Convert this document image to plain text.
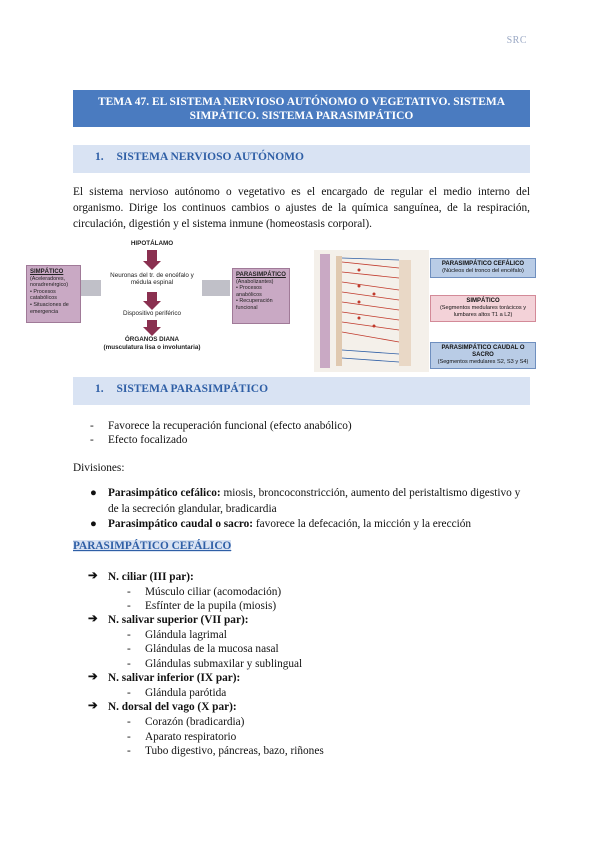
SRC
TEMA 47. EL SISTEMA NERVIOSO AUTÓNOMO O VEGETATIVO. SISTEMA SIMPÁTICO. SISTEMA PARASIMPÁTICO
1. SISTEMA NERVIOSO AUTÓNOMO
El sistema nervioso autónomo o vegetativo es el encargado de regular el medio interno del organismo. Dirige los continuos cambios o ajustes de la química sanguínea, de la respiración, circulación, digestión y el sistema inmune (homeostasis corporal).
HIPOTÁLAMO
Neuronas del tr. de encéfalo y médula espinal
Dispositivo periférico
ÓRGANOS DIANA
(musculatura lisa o involuntaria)
SIMPÁTICO
(Aceleradores, noradrenérgico)
• Procesos catabólicos
• Situaciones de emergencia
PARASIMPÁTICO
(Anabolizantes)
• Procesos anabólicos
• Recuperación funcional
PARASIMPÁTICO CEFÁLICO
(Núcleos del tronco del encéfalo)
SIMPÁTICO
(Segmentos medulares torácicos y lumbares altos T1 a L2)
PARASIMPÁTICO CAUDAL O SACRO
(Segmentos medulares S2, S3 y S4)
1. SISTEMA PARASIMPÁTICO
- Favorece la recuperación funcional (efecto anabólico)
- Efecto focalizado
Divisiones:
● Parasimpático cefálico: miosis, broncoconstricción, aumento del peristaltismo digestivo y de la secreción glandular, bradicardia
● Parasimpático caudal o sacro: favorece la defecación, la micción y la erección
PARASIMPÁTICO CEFÁLICO
➔ N. ciliar (III par):
- Músculo ciliar (acomodación)
- Esfínter de la pupila (miosis)
➔ N. salivar superior (VII par):
- Glándula lagrimal
- Glándulas de la mucosa nasal
- Glándulas submaxilar y sublingual
➔ N. salivar inferior (IX par):
- Glándula parótida
➔ N. dorsal del vago (X par):
- Corazón (bradicardia)
- Aparato respiratorio
- Tubo digestivo, páncreas, bazo, riñones
